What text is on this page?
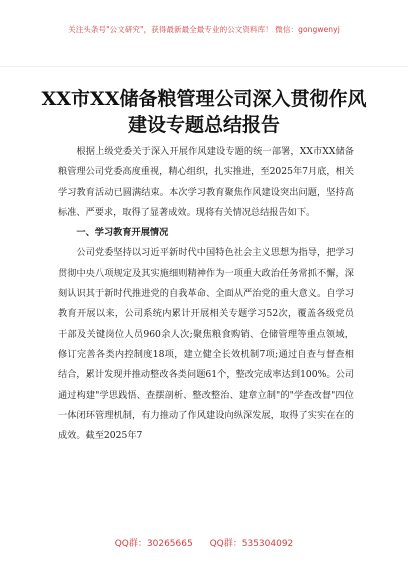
关注头条号"公文研究"，获得最新最全最专业的公文资料库！ 微信：gongwenyj
XX市XX储备粮管理公司深入贯彻作风
建设专题总结报告

根据上级党委关于深入开展作风建设专题的统一部署，XX市XX储备粮管理公司党委高度重视，精心组织，扎实推进，至2025年7月底，相关学习教育活动已圆满结束。本次学习教育聚焦作风建设突出问题，坚持高标准、严要求，取得了显著成效。现将有关情况总结报告如下。

一、学习教育开展情况

公司党委坚持以习近平新时代中国特色社会主义思想为指导，把学习贯彻中央八项规定及其实施细则精神作为一项重大政治任务常抓不懈，深刻认识其于新时代推进党的自我革命、全面从严治党的重大意义。自学习教育开展以来，公司系统内累计开展相关专题学习52次，覆盖各级党员干部及关键岗位人员960余人次;聚焦粮食购销、仓储管理等重点领域，修订完善各类内控制度18项，建立健全长效机制7项;通过自查与督查相结合，累计发现并推动整改各类问题61个，整改完成率达到100%。公司通过构建"学思践悟、查摆剖析、整改整治、建章立制"的"学查改督"四位一体闭环管理机制，有力推动了作风建设向纵深发展，取得了实实在在的成效。截至2025年7

QQ群：30265665 QQ群：535304092
